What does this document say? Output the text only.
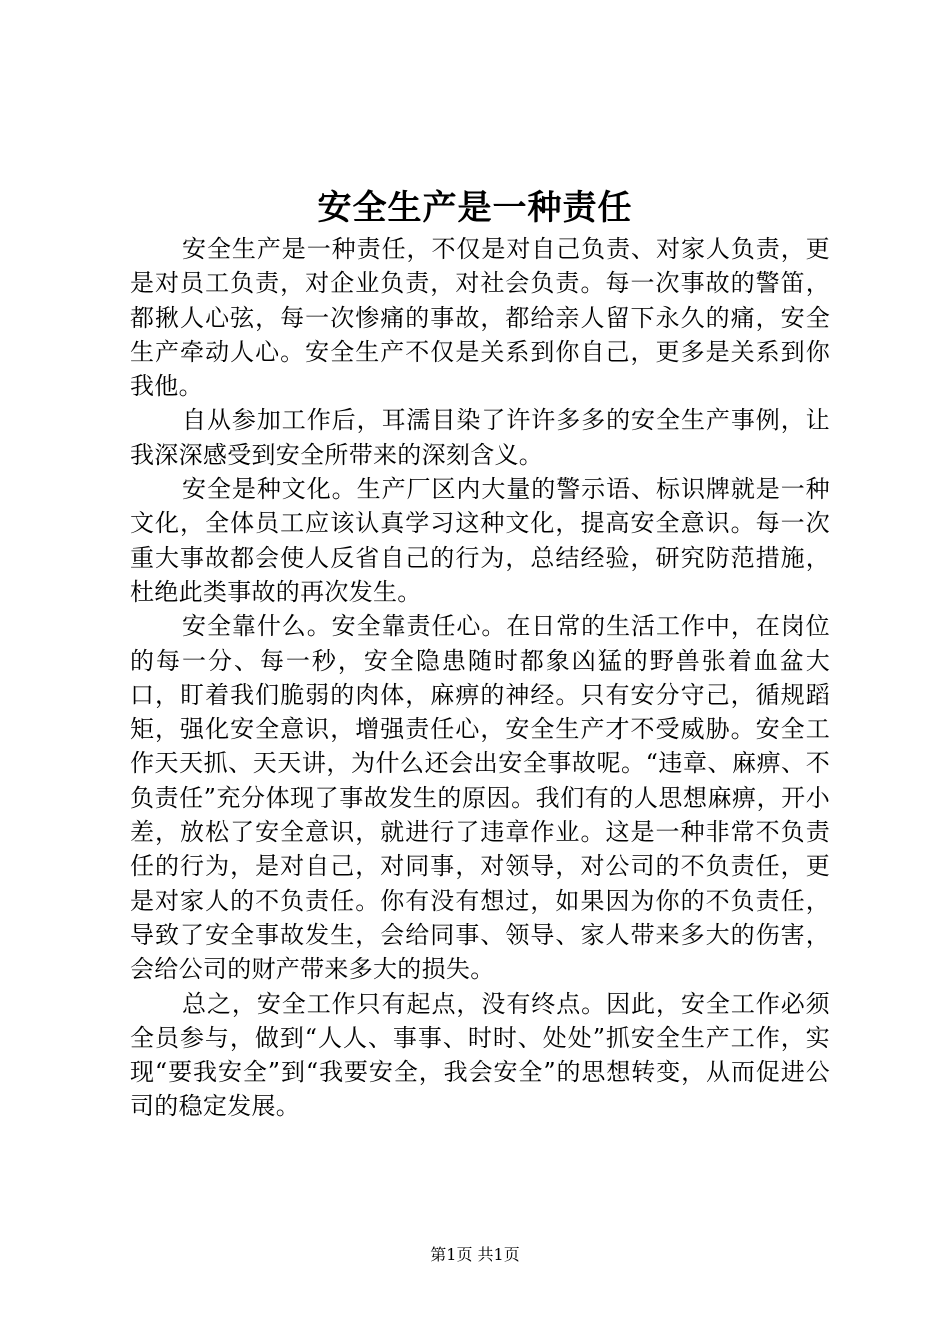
安全生产是一种责任

安全生产是一种责任，不仅是对自己负责、对家人负责，更是对员工负责，对企业负责，对社会负责。每一次事故的警笛，都揪人心弦，每一次惨痛的事故，都给亲人留下永久的痛，安全生产牵动人心。安全生产不仅是关系到你自己，更多是关系到你我他。

自从参加工作后，耳濡目染了许许多多的安全生产事例，让我深深感受到安全所带来的深刻含义。

安全是种文化。生产厂区内大量的警示语、标识牌就是一种文化，全体员工应该认真学习这种文化，提高安全意识。每一次重大事故都会使人反省自己的行为，总结经验，研究防范措施，杜绝此类事故的再次发生。

安全靠什么。安全靠责任心。在日常的生活工作中，在岗位的每一分、每一秒，安全隐患随时都象凶猛的野兽张着血盆大口，盯着我们脆弱的肉体，麻痹的神经。只有安分守己，循规蹈矩，强化安全意识，增强责任心，安全生产才不受威胁。安全工作天天抓、天天讲，为什么还会出安全事故呢。“违章、麻痹、不负责任”充分体现了事故发生的原因。我们有的人思想麻痹，开小差，放松了安全意识，就进行了违章作业。这是一种非常不负责任的行为，是对自己，对同事，对领导，对公司的不负责任，更是对家人的不负责任。你有没有想过，如果因为你的不负责任，导致了安全事故发生，会给同事、领导、家人带来多大的伤害，会给公司的财产带来多大的损失。

总之，安全工作只有起点，没有终点。因此，安全工作必须全员参与，做到“人人、事事、时时、处处”抓安全生产工作，实现“要我安全”到“我要安全，我会安全”的思想转变，从而促进公司的稳定发展。

第1页 共1页
